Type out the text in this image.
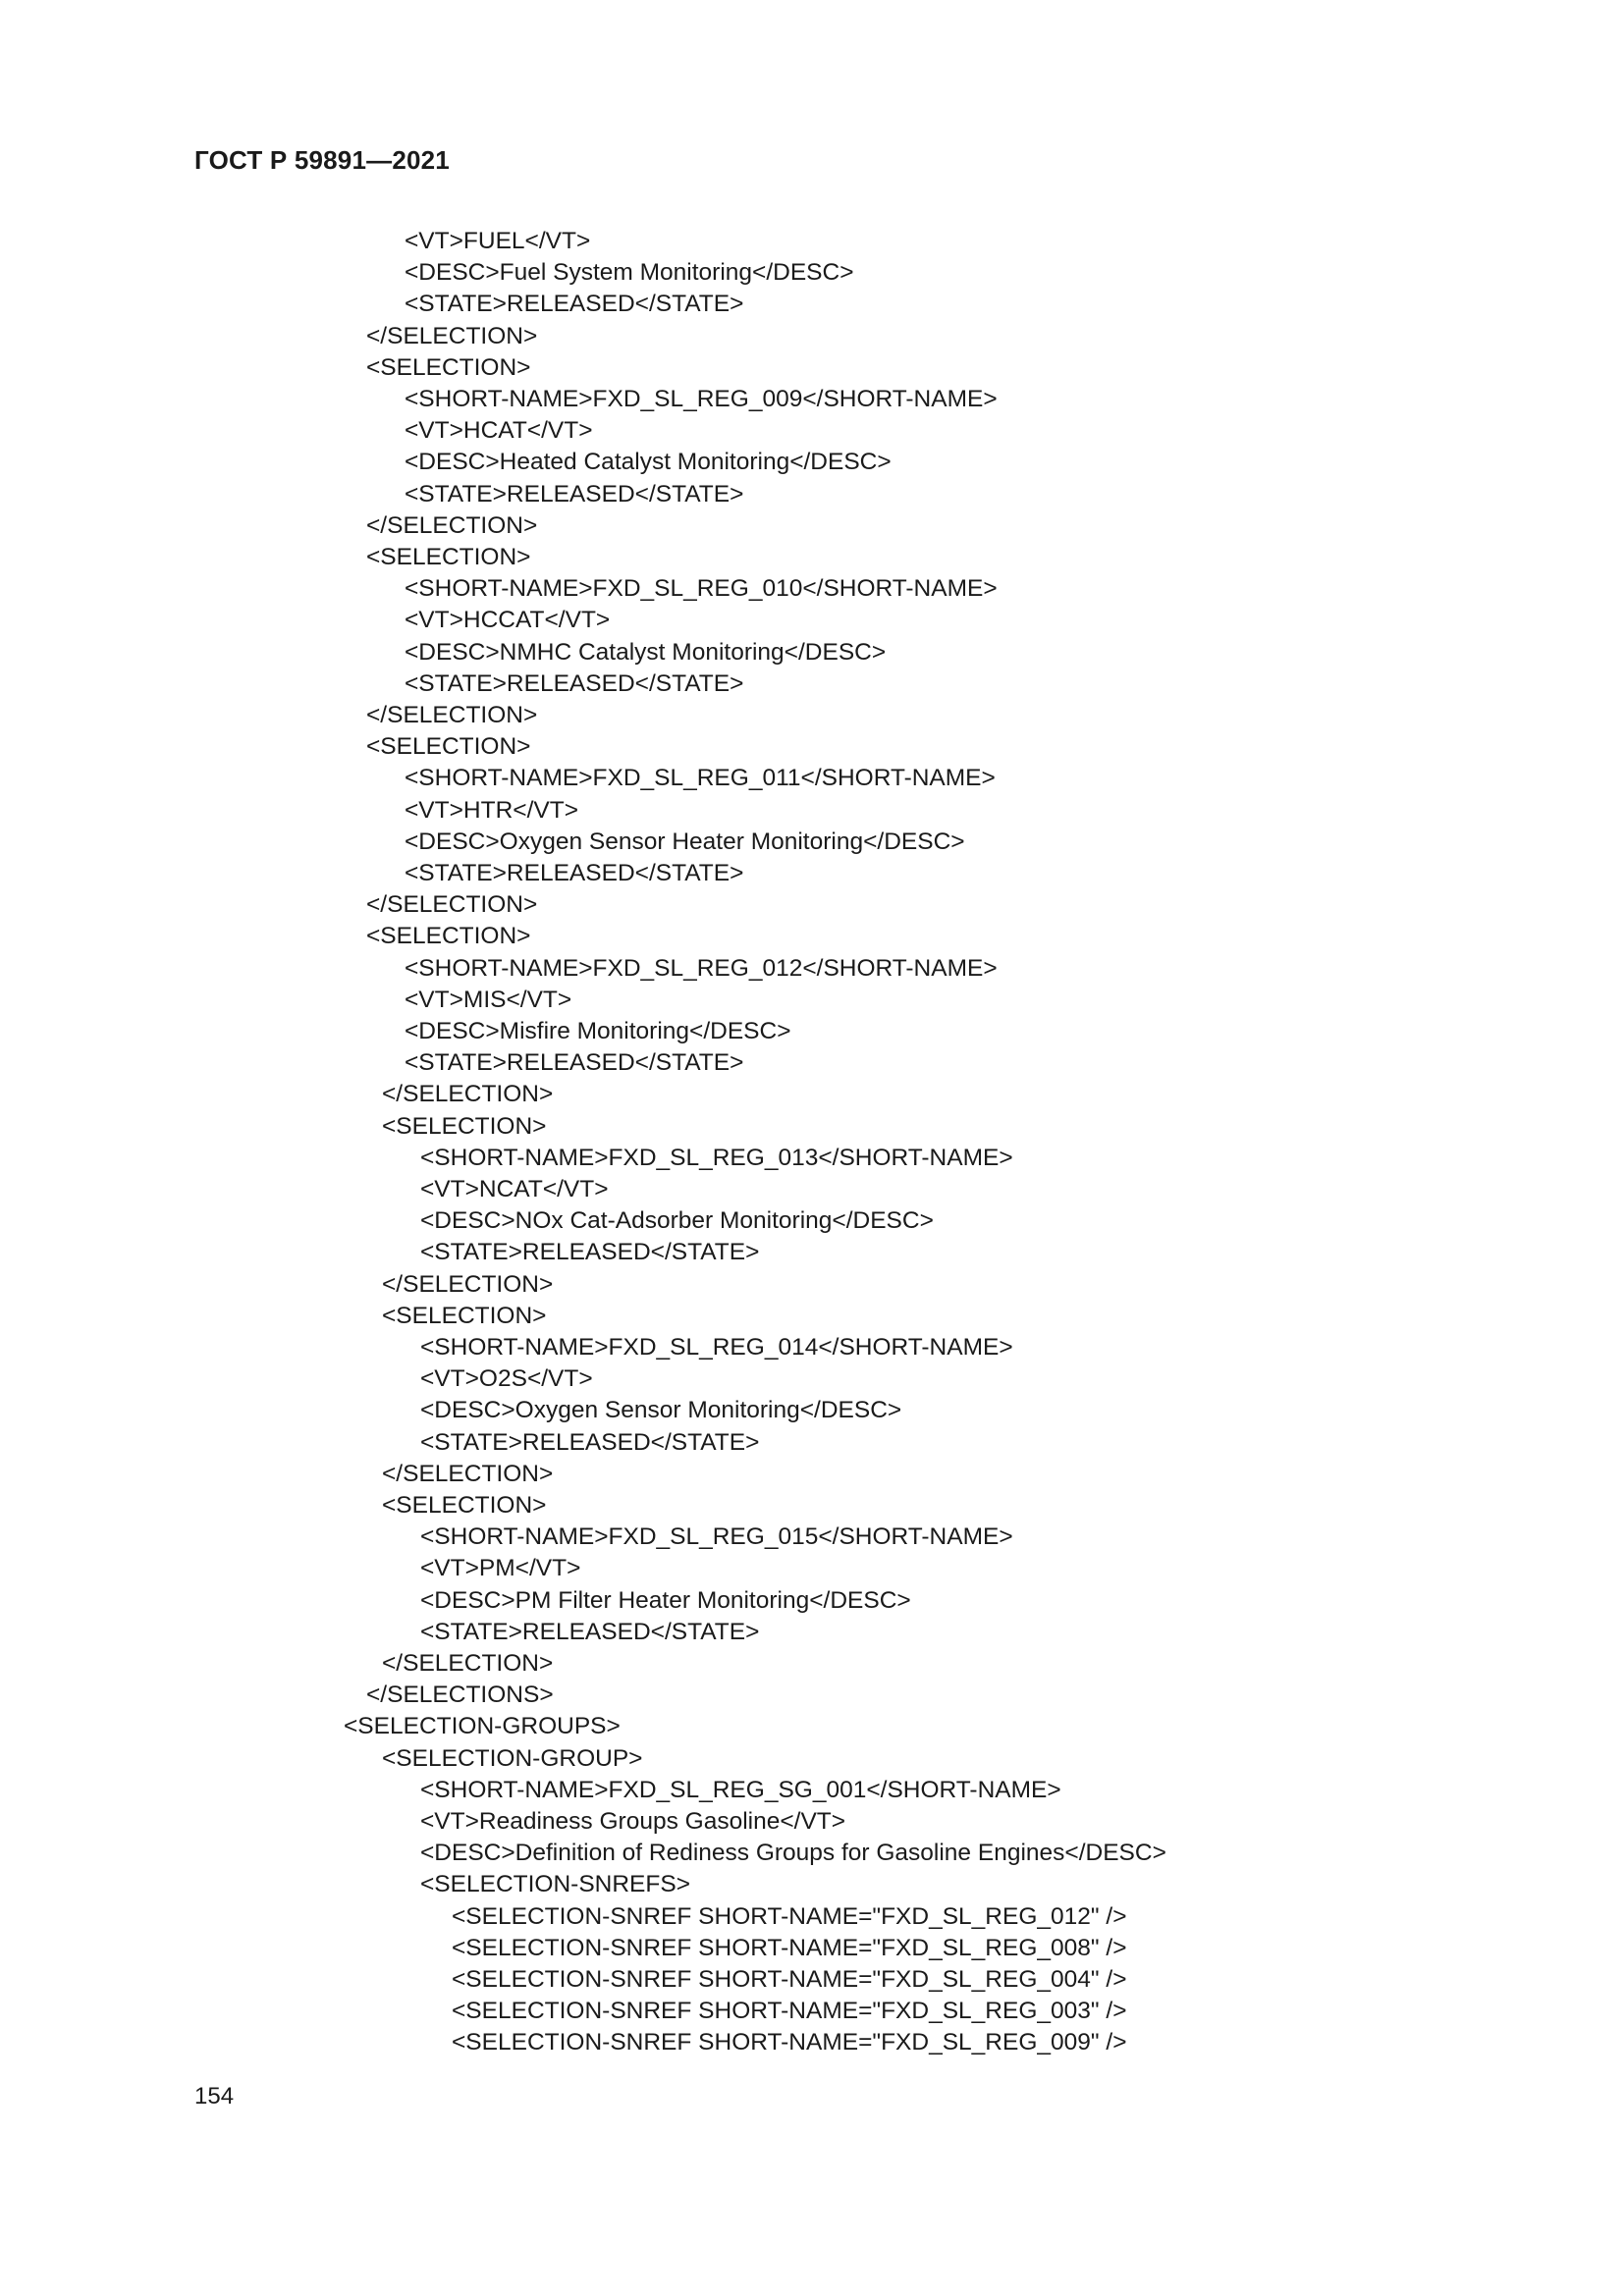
ГОСТ Р 59891—2021
<VT>FUEL</VT>
<DESC>Fuel System Monitoring</DESC>
<STATE>RELEASED</STATE>
</SELECTION>
<SELECTION>
<SHORT-NAME>FXD_SL_REG_009</SHORT-NAME>
<VT>HCAT</VT>
<DESC>Heated Catalyst Monitoring</DESC>
<STATE>RELEASED</STATE>
</SELECTION>
<SELECTION>
<SHORT-NAME>FXD_SL_REG_010</SHORT-NAME>
<VT>HCCAT</VT>
<DESC>NMHC Catalyst Monitoring</DESC>
<STATE>RELEASED</STATE>
</SELECTION>
<SELECTION>
<SHORT-NAME>FXD_SL_REG_011</SHORT-NAME>
<VT>HTR</VT>
<DESC>Oxygen Sensor Heater Monitoring</DESC>
<STATE>RELEASED</STATE>
</SELECTION>
<SELECTION>
<SHORT-NAME>FXD_SL_REG_012</SHORT-NAME>
<VT>MIS</VT>
<DESC>Misfire Monitoring</DESC>
<STATE>RELEASED</STATE>
</SELECTION>
<SELECTION>
<SHORT-NAME>FXD_SL_REG_013</SHORT-NAME>
<VT>NCAT</VT>
<DESC>NOx Cat-Adsorber Monitoring</DESC>
<STATE>RELEASED</STATE>
</SELECTION>
<SELECTION>
<SHORT-NAME>FXD_SL_REG_014</SHORT-NAME>
<VT>O2S</VT>
<DESC>Oxygen Sensor Monitoring</DESC>
<STATE>RELEASED</STATE>
</SELECTION>
<SELECTION>
<SHORT-NAME>FXD_SL_REG_015</SHORT-NAME>
<VT>PM</VT>
<DESC>PM Filter Heater Monitoring</DESC>
<STATE>RELEASED</STATE>
</SELECTION>
</SELECTIONS>
<SELECTION-GROUPS>
<SELECTION-GROUP>
<SHORT-NAME>FXD_SL_REG_SG_001</SHORT-NAME>
<VT>Readiness Groups Gasoline</VT>
<DESC>Definition of Rediness Groups for Gasoline Engines</DESC>
<SELECTION-SNREFS>
<SELECTION-SNREF SHORT-NAME="FXD_SL_REG_012" />
<SELECTION-SNREF SHORT-NAME="FXD_SL_REG_008" />
<SELECTION-SNREF SHORT-NAME="FXD_SL_REG_004" />
<SELECTION-SNREF SHORT-NAME="FXD_SL_REG_003" />
<SELECTION-SNREF SHORT-NAME="FXD_SL_REG_009" />
154
